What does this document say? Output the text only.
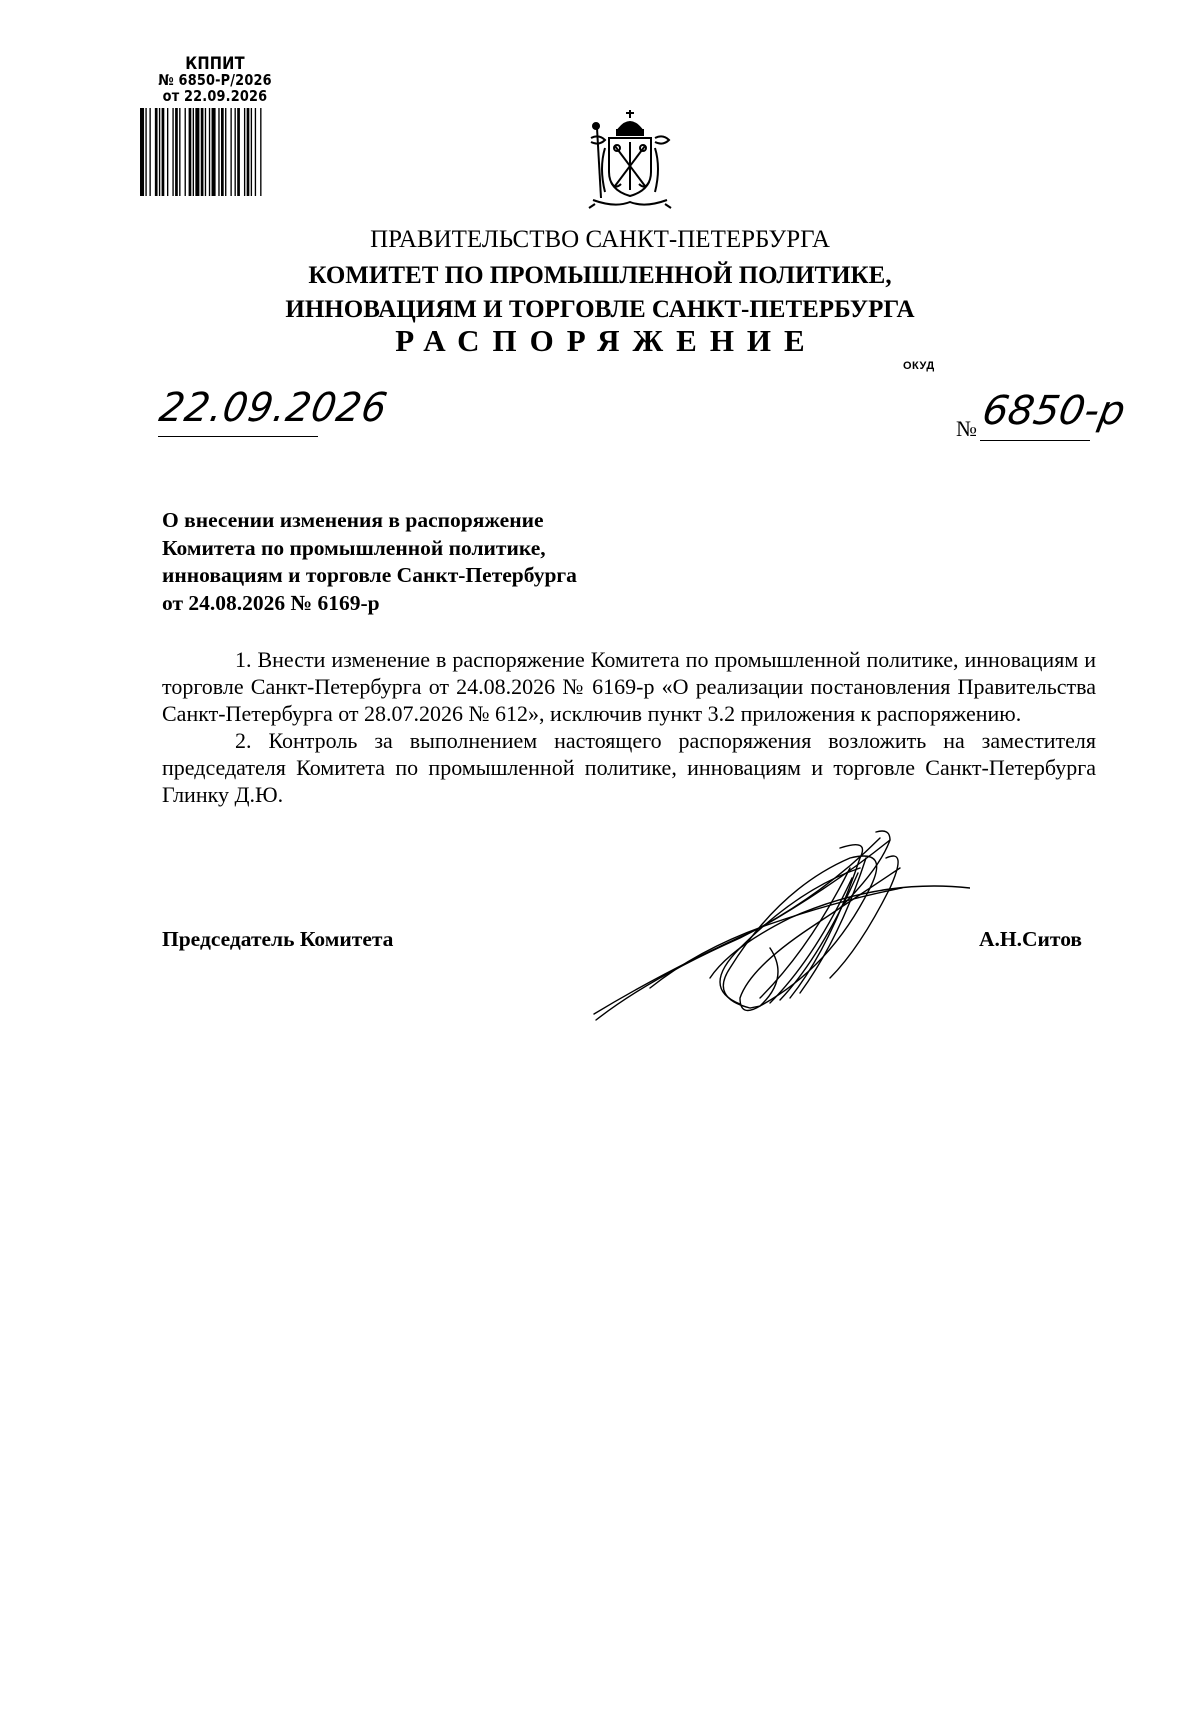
КППИТ
№ 6850-Р/2026
от 22.09.2026
ПРАВИТЕЛЬСТВО САНКТ-ПЕТЕРБУРГА
КОМИТЕТ ПО ПРОМЫШЛЕННОЙ ПОЛИТИКЕ,
ИННОВАЦИЯМ И ТОРГОВЛЕ САНКТ-ПЕТЕРБУРГА
РАСПОРЯЖЕНИЕ
ОКУД
22.09.2026	№ 6850-р
О внесении изменения в распоряжение
Комитета по промышленной политике,
инновациям и торговле Санкт-Петербурга
от 24.08.2026 № 6169-р

1. Внести изменение в распоряжение Комитета по промышленной политике, инновациям и торговле Санкт-Петербурга от 24.08.2026 № 6169-р «О реализации постановления Правительства Санкт-Петербурга от 28.07.2026 № 612», исключив пункт 3.2 приложения к распоряжению.

2. Контроль за выполнением настоящего распоряжения возложить на заместителя председателя Комитета по промышленной политике, инновациям и торговле Санкт-Петербурга Глинку Д.Ю.

Председатель Комитета	А.Н.Ситов
